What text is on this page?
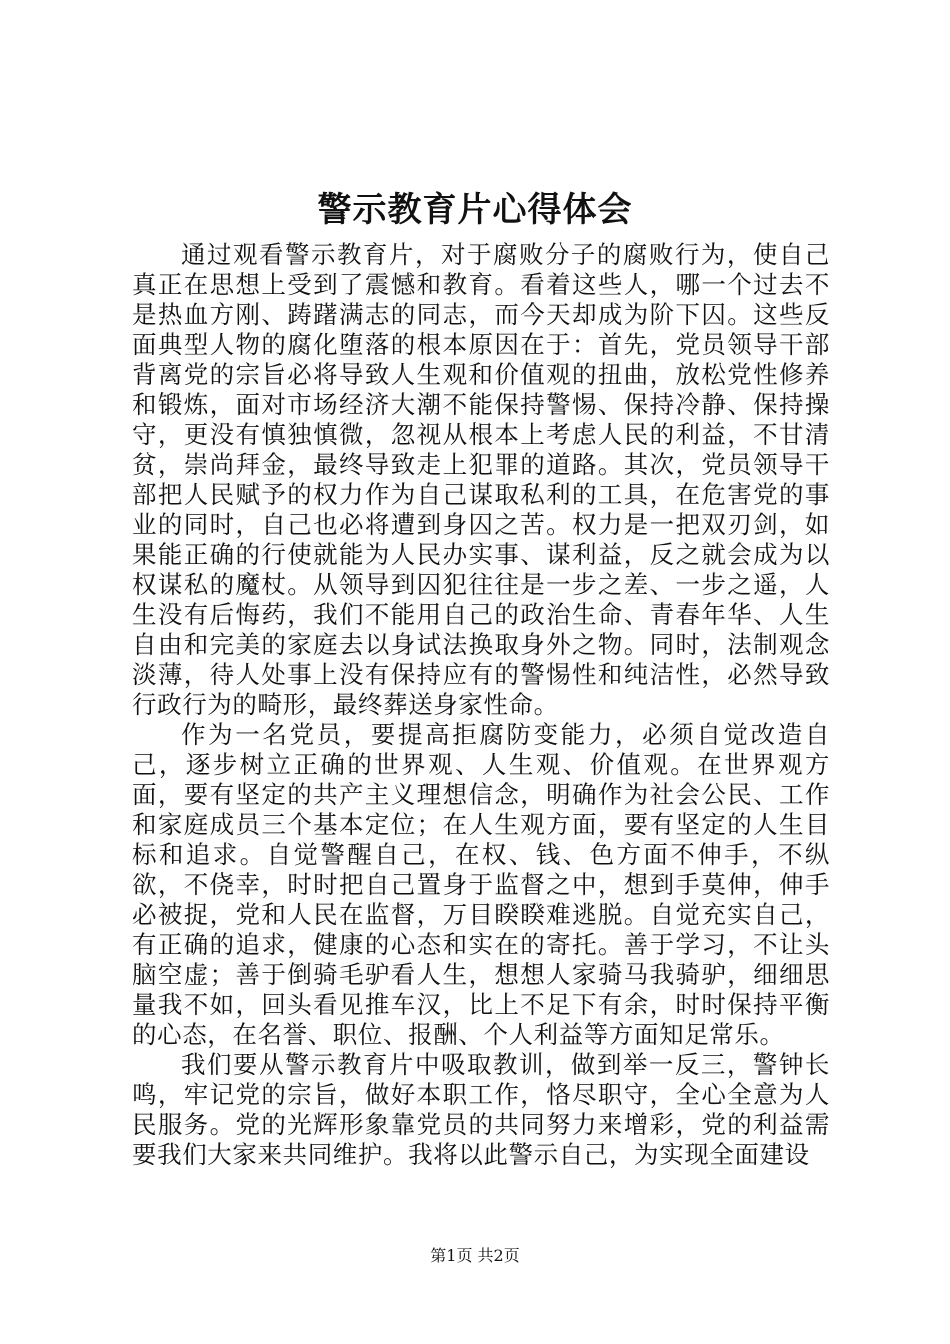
警示教育片心得体会

通过观看警示教育片，对于腐败分子的腐败行为，使自己真正在思想上受到了震憾和教育。看着这些人，哪一个过去不是热血方刚、踌躇满志的同志，而今天却成为阶下囚。这些反面典型人物的腐化堕落的根本原因在于：首先，党员领导干部背离党的宗旨必将导致人生观和价值观的扭曲，放松党性修养和锻炼，面对市场经济大潮不能保持警惕、保持冷静、保持操守，更没有慎独慎微，忽视从根本上考虑人民的利益，不甘清贫，崇尚拜金，最终导致走上犯罪的道路。其次，党员领导干部把人民赋予的权力作为自己谋取私利的工具，在危害党的事业的同时，自己也必将遭到身囚之苦。权力是一把双刃剑，如果能正确的行使就能为人民办实事、谋利益，反之就会成为以权谋私的魔杖。从领导到囚犯往往是一步之差、一步之遥，人生没有后悔药，我们不能用自己的政治生命、青春年华、人生自由和完美的家庭去以身试法换取身外之物。同时，法制观念淡薄，待人处事上没有保持应有的警惕性和纯洁性，必然导致行政行为的畸形，最终葬送身家性命。

作为一名党员，要提高拒腐防变能力，必须自觉改造自己，逐步树立正确的世界观、人生观、价值观。在世界观方面，要有坚定的共产主义理想信念，明确作为社会公民、工作和家庭成员三个基本定位；在人生观方面，要有坚定的人生目标和追求。自觉警醒自己，在权、钱、色方面不伸手，不纵欲，不侥幸，时时把自己置身于监督之中，想到手莫伸，伸手必被捉，党和人民在监督，万目睽睽难逃脱。自觉充实自己，有正确的追求，健康的心态和实在的寄托。善于学习，不让头脑空虚；善于倒骑毛驴看人生，想想人家骑马我骑驴，细细思量我不如，回头看见推车汉，比上不足下有余，时时保持平衡的心态，在名誉、职位、报酬、个人利益等方面知足常乐。

我们要从警示教育片中吸取教训，做到举一反三，警钟长鸣，牢记党的宗旨，做好本职工作，恪尽职守，全心全意为人民服务。党的光辉形象靠党员的共同努力来增彩，党的利益需要我们大家来共同维护。我将以此警示自己，为实现全面建设

第1页 共2页
